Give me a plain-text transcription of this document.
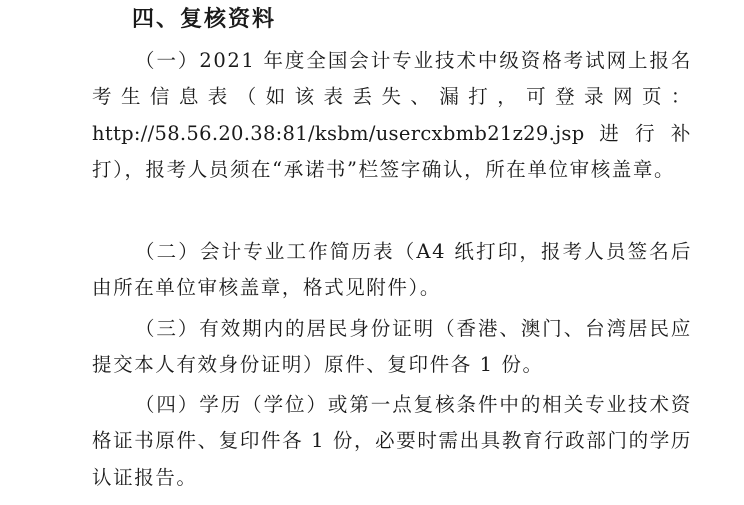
四、复核资料

（一）2021 年度全国会计专业技术中级资格考试网上报名考生信息表（如该表丢失、漏打，可登录网页：http://58.56.20.38:81/ksbm/usercxbmb21z29.jsp进行补打），报考人员须在“承诺书”栏签字确认，所在单位审核盖章。

（二）会计专业工作简历表（A4 纸打印，报考人员签名后由所在单位审核盖章，格式见附件）。

（三）有效期内的居民身份证明（香港、澳门、台湾居民应提交本人有效身份证明）原件、复印件各 1 份。

（四）学历（学位）或第一点复核条件中的相关专业技术资格证书原件、复印件各 1 份，必要时需出具教育行政部门的学历认证报告。
